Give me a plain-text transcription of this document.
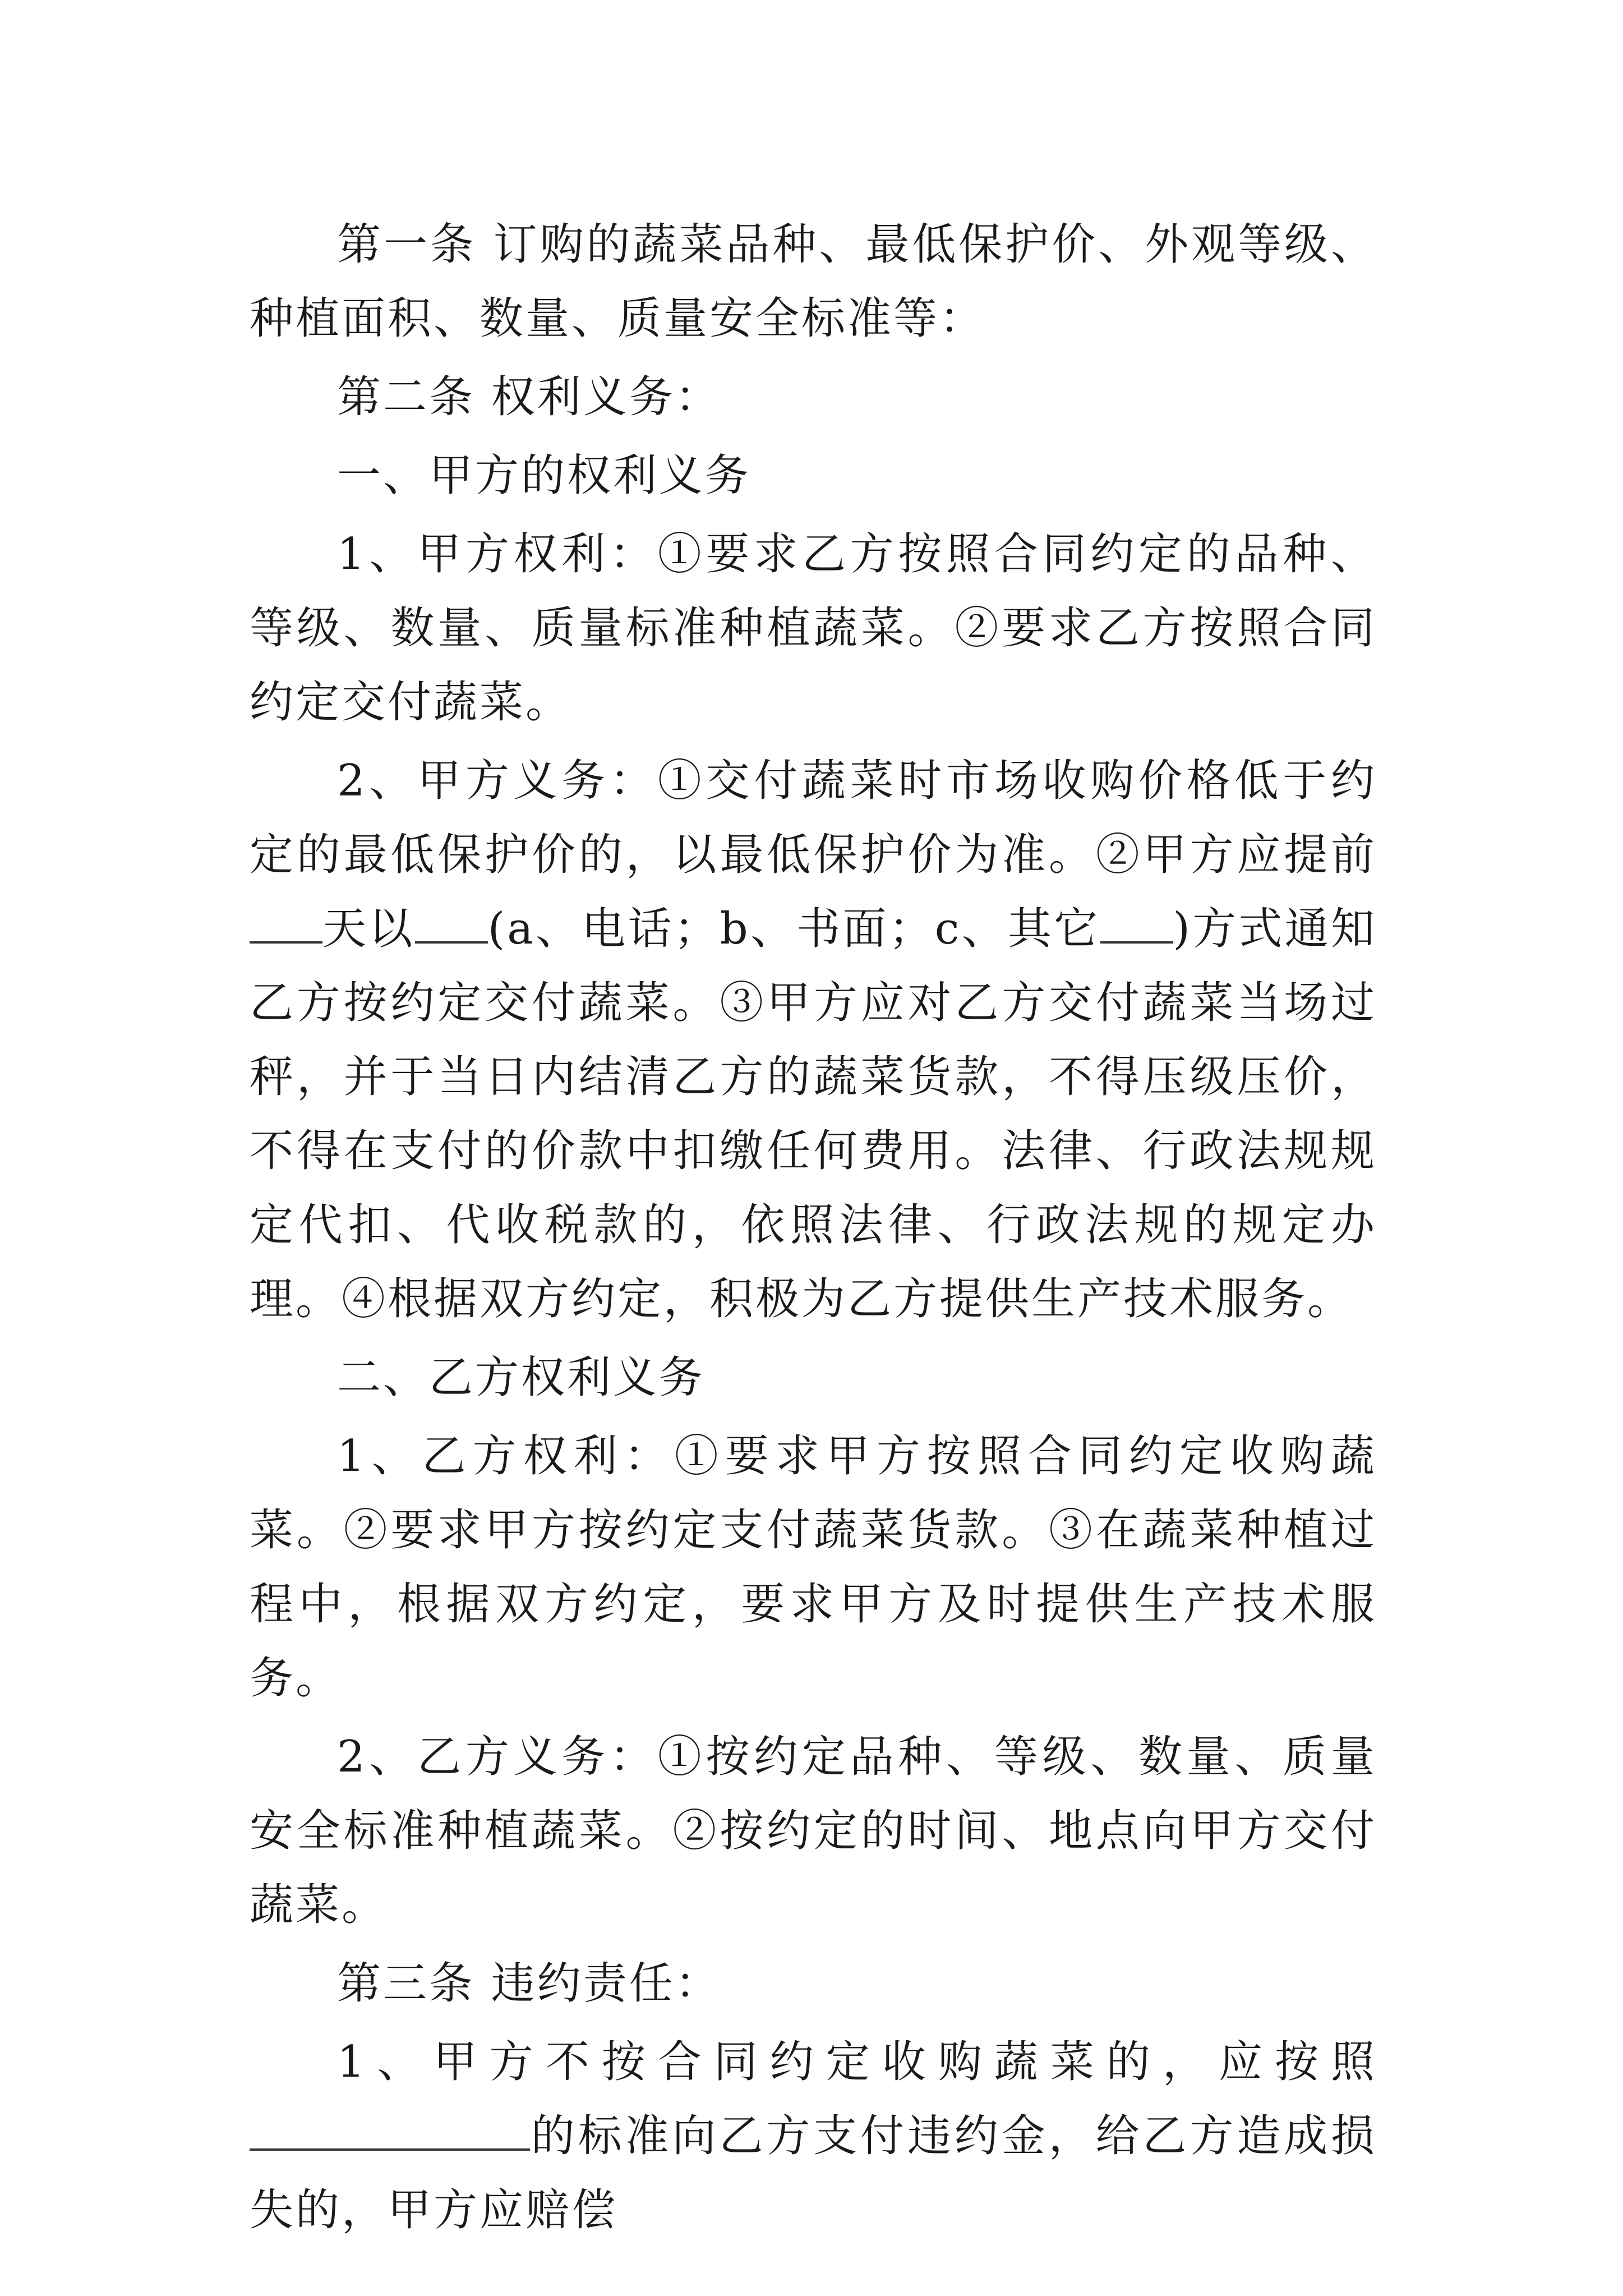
第一条 订购的蔬菜品种、最低保护价、外观等级、种植面积、数量、质量安全标准等：

第二条 权利义务：

一、甲方的权利义务

1、甲方权利：①要求乙方按照合同约定的品种、等级、数量、质量标准种植蔬菜。②要求乙方按照合同约定交付蔬菜。

2、甲方义务：①交付蔬菜时市场收购价格低于约定的最低保护价的，以最低保护价为准。②甲方应提前天以 (a、电话；b、书面；c、其它 )方式通知乙方按约定交付蔬菜。③甲方应对乙方交付蔬菜当场过秤，并于当日内结清乙方的蔬菜货款，不得压级压价，不得在支付的价款中扣缴任何费用。法律、行政法规规定代扣、代收税款的，依照法律、行政法规的规定办理。④根据双方约定，积极为乙方提供生产技术服务。

二、乙方权利义务

1、乙方权利：①要求甲方按照合同约定收购蔬菜。②要求甲方按约定支付蔬菜货款。③在蔬菜种植过程中，根据双方约定，要求甲方及时提供生产技术服务。

2、乙方义务：①按约定品种、等级、数量、质量安全标准种植蔬菜。②按约定的时间、地点向甲方交付蔬菜。

第三条 违约责任：

1、甲方不按合同约定收购蔬菜的，应按照的标准向乙方支付违约金，给乙方造成损失的，甲方应赔偿
